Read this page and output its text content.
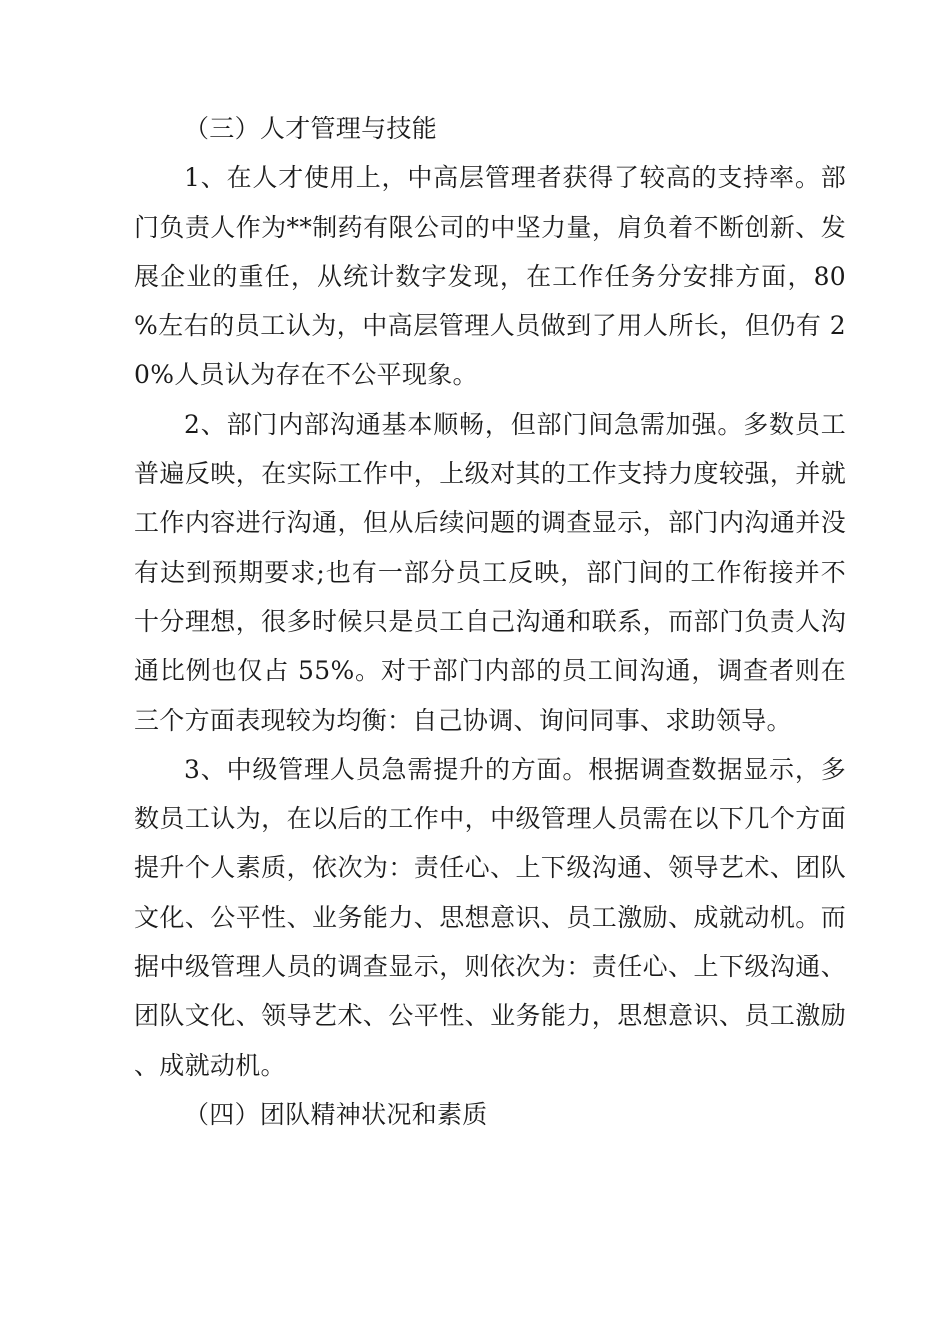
（三）人才管理与技能

1、在人才使用上，中高层管理者获得了较高的支持率。部门负责人作为**制药有限公司的中坚力量，肩负着不断创新、发展企业的重任，从统计数字发现，在工作任务分安排方面，80%左右的员工认为，中高层管理人员做到了用人所长，但仍有 20%人员认为存在不公平现象。

2、部门内部沟通基本顺畅，但部门间急需加强。多数员工普遍反映，在实际工作中，上级对其的工作支持力度较强，并就工作内容进行沟通，但从后续问题的调查显示，部门内沟通并没有达到预期要求;也有一部分员工反映，部门间的工作衔接并不十分理想，很多时候只是员工自己沟通和联系，而部门负责人沟通比例也仅占 55%。对于部门内部的员工间沟通，调查者则在三个方面表现较为均衡：自己协调、询问同事、求助领导。

3、中级管理人员急需提升的方面。根据调查数据显示，多数员工认为，在以后的工作中，中级管理人员需在以下几个方面提升个人素质，依次为：责任心、上下级沟通、领导艺术、团队文化、公平性、业务能力、思想意识、员工激励、成就动机。而据中级管理人员的调查显示，则依次为：责任心、上下级沟通、团队文化、领导艺术、公平性、业务能力，思想意识、员工激励、成就动机。

（四）团队精神状况和素质
